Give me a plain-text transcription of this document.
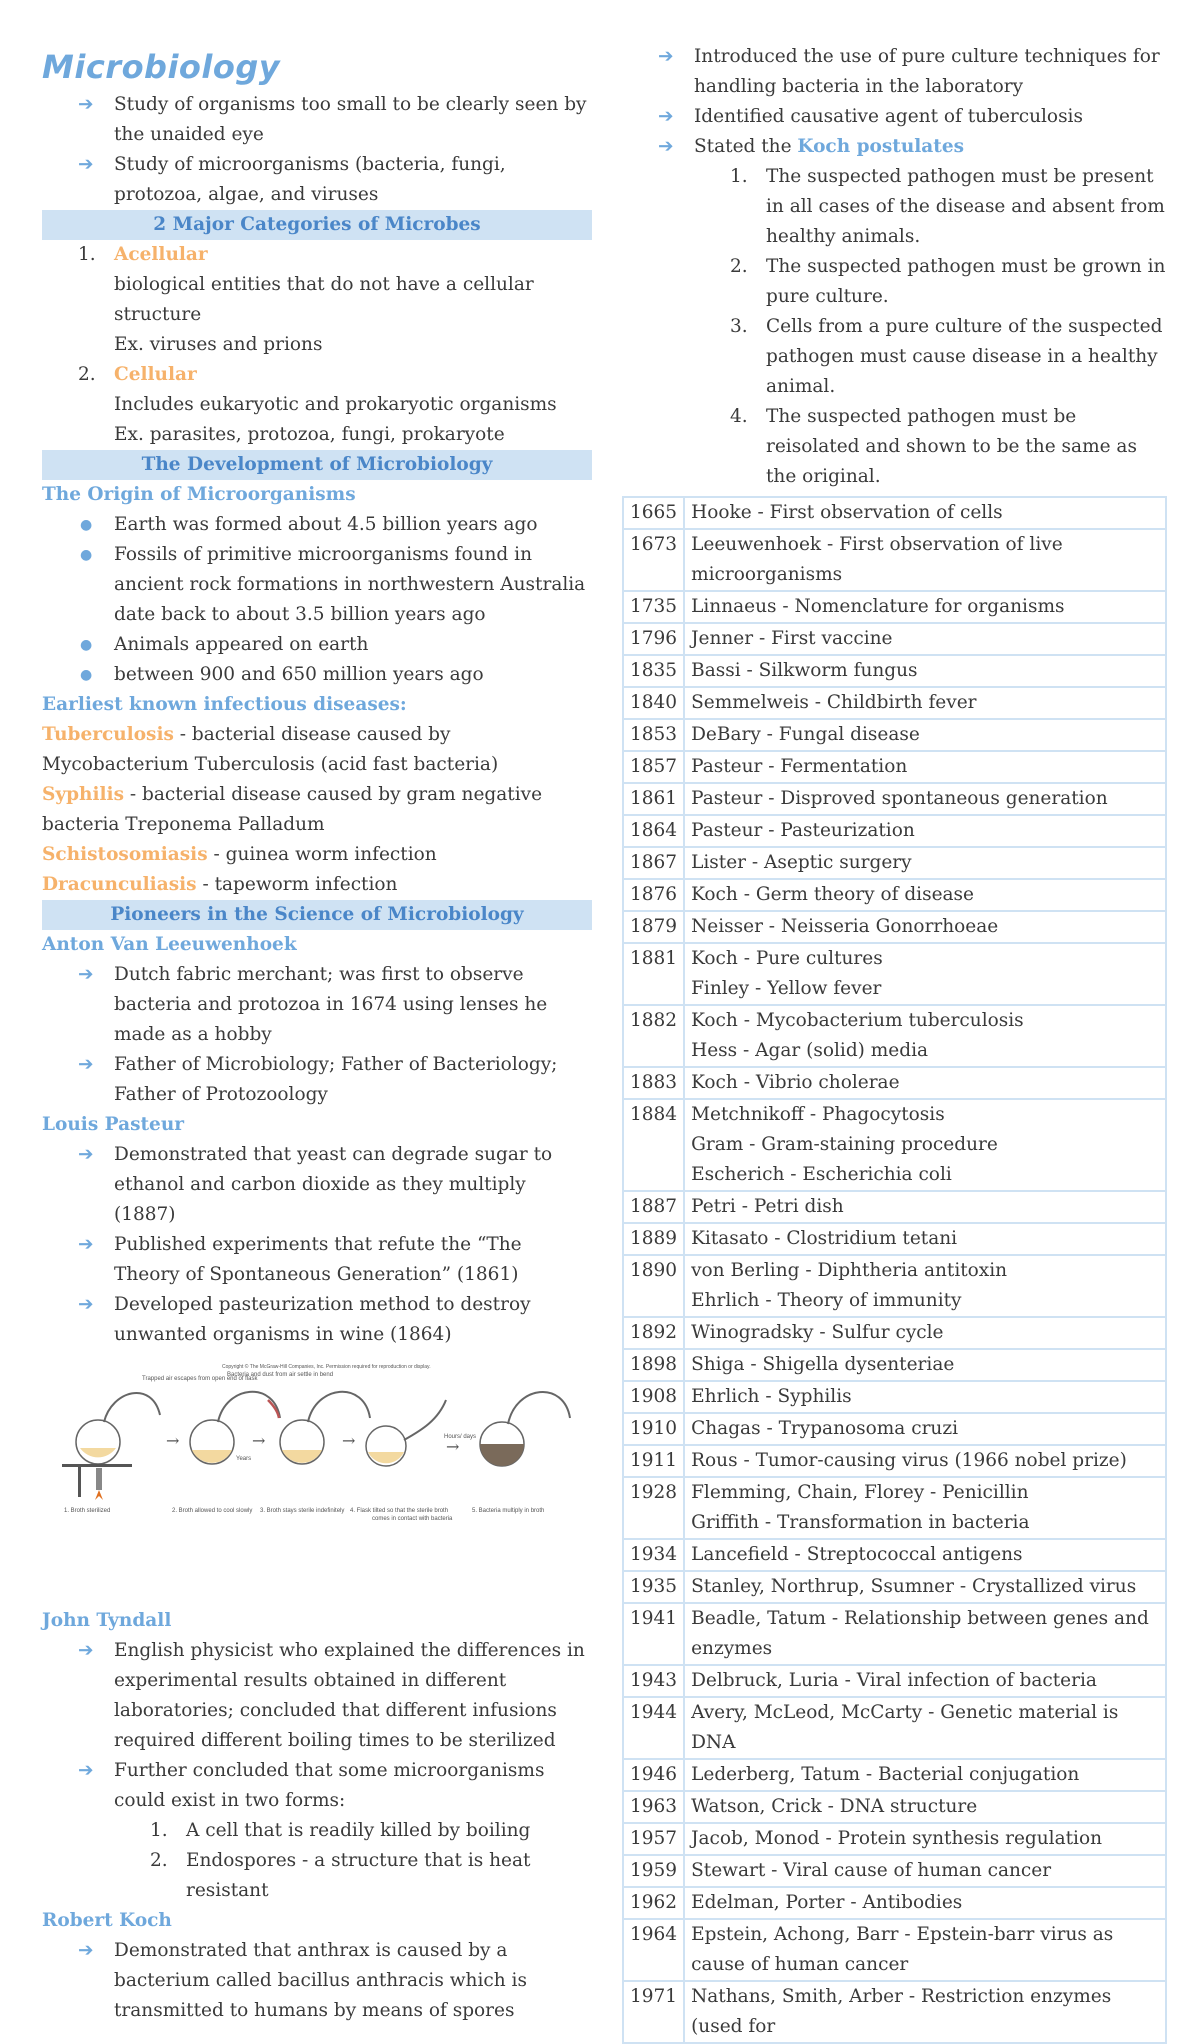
Microbiology
➔ Study of organisms too small to be clearly seen by the unaided eye
➔ Study of microorganisms (bacteria, fungi, protozoa, algae, and viruses
2 Major Categories of Microbes
1. Acellular
biological entities that do not have a cellular structure
Ex. viruses and prions
2. Cellular
Includes eukaryotic and prokaryotic organisms
Ex. parasites, protozoa, fungi, prokaryote
The Development of Microbiology
The Origin of Microorganisms
● Earth was formed about 4.5 billion years ago
● Fossils of primitive microorganisms found in ancient rock formations in northwestern Australia date back to about 3.5 billion years ago
● Animals appeared on earth
● between 900 and 650 million years ago
Earliest known infectious diseases:
Tuberculosis - bacterial disease caused by Mycobacterium Tuberculosis (acid fast bacteria)
Syphilis - bacterial disease caused by gram negative bacteria Treponema Palladum
Schistosomiasis - guinea worm infection
Dracunculiasis - tapeworm infection
Pioneers in the Science of Microbiology
Anton Van Leeuwenhoek
➔ Dutch fabric merchant; was first to observe bacteria and protozoa in 1674 using lenses he made as a hobby
➔ Father of Microbiology; Father of Bacteriology; Father of Protozoology
Louis Pasteur
➔ Demonstrated that yeast can degrade sugar to ethanol and carbon dioxide as they multiply (1887)
➔ Published experiments that refute the “The Theory of Spontaneous Generation” (1861)
➔ Developed pasteurization method to destroy unwanted organisms in wine (1864)
Copyright © The McGraw-Hill Companies, Inc. Permission required for reproduction or display.
Trapped air escapes from open end of flask
Bacteria and dust from air settle in bend
→
Years
→	→	Hours/ days
→
1. Broth sterilized	2. Broth allowed to cool slowly 3. Broth stays sterile indefinitely 4. Flask tilted so that the sterile broth
comes in contact with bacteria
5. Bacteria multiply in broth
John Tyndall
➔ English physicist who explained the differences in experimental results obtained in different laboratories; concluded that different infusions required different boiling times to be sterilized
➔ Further concluded that some microorganisms could exist in two forms:
1. A cell that is readily killed by boiling
2. Endospores - a structure that is heat resistant
Robert Koch
➔ Demonstrated that anthrax is caused by a bacterium called bacillus anthracis which is transmitted to humans by means of spores
➔ Introduced the use of pure culture techniques for handling bacteria in the laboratory
➔ Identified causative agent of tuberculosis
➔ Stated the Koch postulates
1. The suspected pathogen must be present in all cases of the disease and absent from healthy animals.
2. The suspected pathogen must be grown in pure culture.
3. Cells from a pure culture of the suspected pathogen must cause disease in a healthy animal.
4. The suspected pathogen must be reisolated and shown to be the same as the original.
1665	Hooke - First observation of cells

1673	Leeuwenhoek - First observation of live microorganisms

1735	Linnaeus - Nomenclature for organisms

1796	Jenner - First vaccine

1835	Bassi - Silkworm fungus

1840	Semmelweis - Childbirth fever

1853	DeBary - Fungal disease

1857	Pasteur - Fermentation

1861	Pasteur - Disproved spontaneous generation

1864	Pasteur - Pasteurization

1867	Lister - Aseptic surgery

1876	Koch - Germ theory of disease

1879	Neisser - Neisseria Gonorrhoeae

1881	Koch - Pure cultures
Finley - Yellow fever

1882	Koch - Mycobacterium tuberculosis
Hess - Agar (solid) media

1883	Koch - Vibrio cholerae

1884	Metchnikoff - Phagocytosis
Gram - Gram-staining procedure
Escherich - Escherichia coli

1887	Petri - Petri dish

1889	Kitasato - Clostridium tetani

1890	von Berling - Diphtheria antitoxin
Ehrlich - Theory of immunity

1892	Winogradsky - Sulfur cycle

1898	Shiga - Shigella dysenteriae

1908	Ehrlich - Syphilis

1910	Chagas - Trypanosoma cruzi

1911	Rous - Tumor-causing virus (1966 nobel prize)

1928	Flemming, Chain, Florey - Penicillin
Griffith - Transformation in bacteria

1934	Lancefield - Streptococcal antigens

1935	Stanley, Northrup, Ssumner - Crystallized virus

1941	Beadle, Tatum - Relationship between genes and enzymes

1943	Delbruck, Luria - Viral infection of bacteria

1944	Avery, McLeod, McCarty - Genetic material is DNA

1946	Lederberg, Tatum - Bacterial conjugation

1963	Watson, Crick - DNA structure

1957	Jacob, Monod - Protein synthesis regulation

1959	Stewart - Viral cause of human cancer

1962	Edelman, Porter - Antibodies

1964	Epstein, Achong, Barr - Epstein-barr virus as cause of human cancer

1971	Nathans, Smith, Arber - Restriction enzymes (used for
